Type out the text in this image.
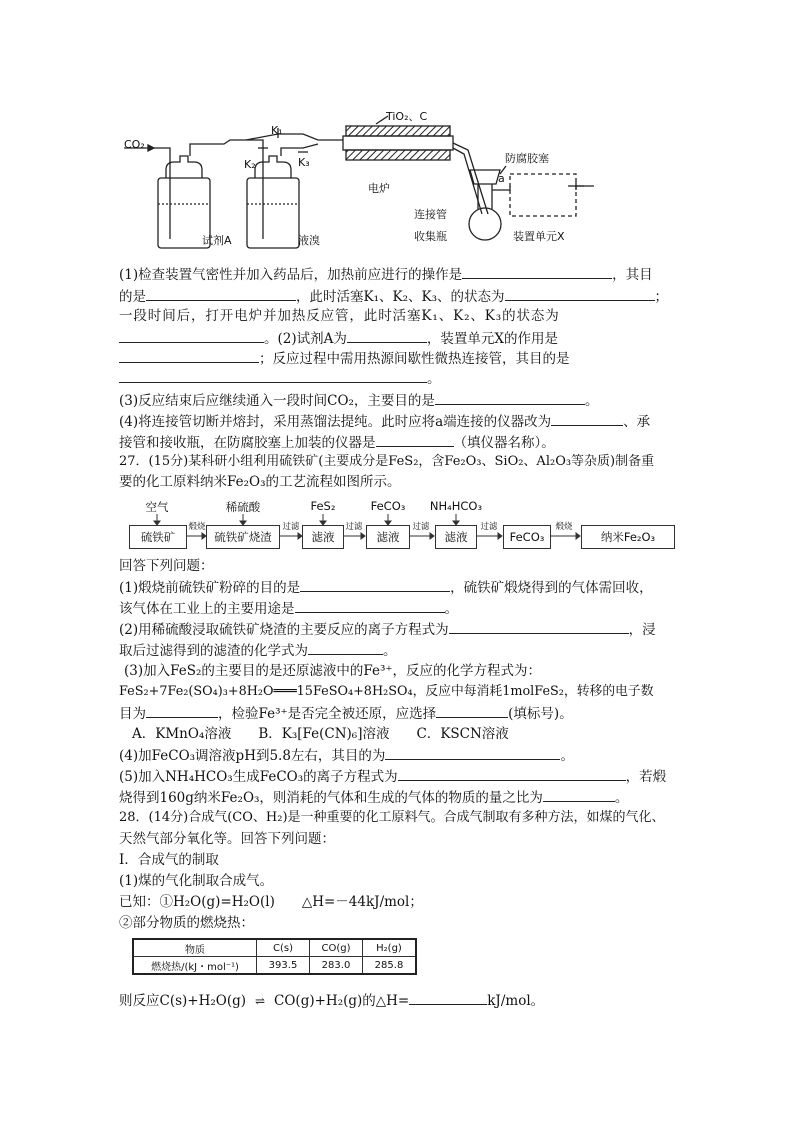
CO₂
K₁
K₂	K₃
TiO₂、C
电炉
防腐胶塞
a
试剂A	液溴
连接管
收集瓶	装置单元X
(1)检查装置气密性并加入药品后，加热前应进行的操作是	，其目
的是	，此时活塞K₁、K₂、K₃、的状态为	；
一段时间后，打开电炉并加热反应管，此时活塞K₁、K₂、K₃的状态为
。(2)试剂A为	，装置单元X的作用是
；反应过程中需用热源间歇性微热连接管，其目的是
。
(3)反应结束后应继续通入一段时间CO₂，主要目的是	。
(4)将连接管切断并熔封，采用蒸馏法提纯。此时应将a端连接的仪器改为	、承
接管和接收瓶，在防腐胶塞上加装的仪器是	（填仪器名称）。
27．(15分)某科研小组利用硫铁矿(主要成分是FeS₂，含Fe₂O₃、SiO₂、Al₂O₃等杂质)制备重
要的化工原料纳米Fe₂O₃的工艺流程如图所示。
空气	稀硫酸	FeS₂	FeCO₃	NH₄HCO₃
煅烧	过滤	过滤	过滤	过滤	煅烧
硫铁矿	硫铁矿烧渣	滤液	滤液	滤液	FeCO₃	纳米Fe₂O₃
回答下列问题：
(1)煅烧前硫铁矿粉碎的目的是	，硫铁矿煅烧得到的气体需回收，
该气体在工业上的主要用途是	。
(2)用稀硫酸浸取硫铁矿烧渣的主要反应的离子方程式为	，浸
取后过滤得到的滤渣的化学式为	。
(3)加入FeS₂的主要目的是还原滤液中的Fe³⁺，反应的化学方程式为：
FeS₂+7Fe₂(SO₄)₃+8H₂O═══15FeSO₄+8H₂SO₄，反应中每消耗1molFeS₂，转移的电子数
目为	，检验Fe³⁺是否完全被还原，应选择	(填标号)。
A．KMnO₄溶液　　B．K₃[Fe(CN)₆]溶液　　C．KSCN溶液
(4)加FeCO₃调溶液pH到5.8左右，其目的为	。
(5)加入NH₄HCO₃生成FeCO₃的离子方程式为	，若煅
烧得到160g纳米Fe₂O₃，则消耗的气体和生成的气体的物质的量之比为	。
28．(14分)合成气(CO、H₂)是一种重要的化工原料气。合成气制取有多种方法，如煤的气化、
天然气部分氧化等。回答下列问题：
Ⅰ．合成气的制取
(1)煤的气化制取合成气。
已知：①H₂O(g)=H₂O(l)　　△H=－44kJ/mol；
②部分物质的燃烧热：
物质	C(s)	CO(g)	H₂(g)
燃烧热/(kJ・mol⁻¹)	393.5	283.0	285.8
则反应C(s)+H₂O(g) ⇌ CO(g)+H₂(g)的△H=	kJ/mol。
